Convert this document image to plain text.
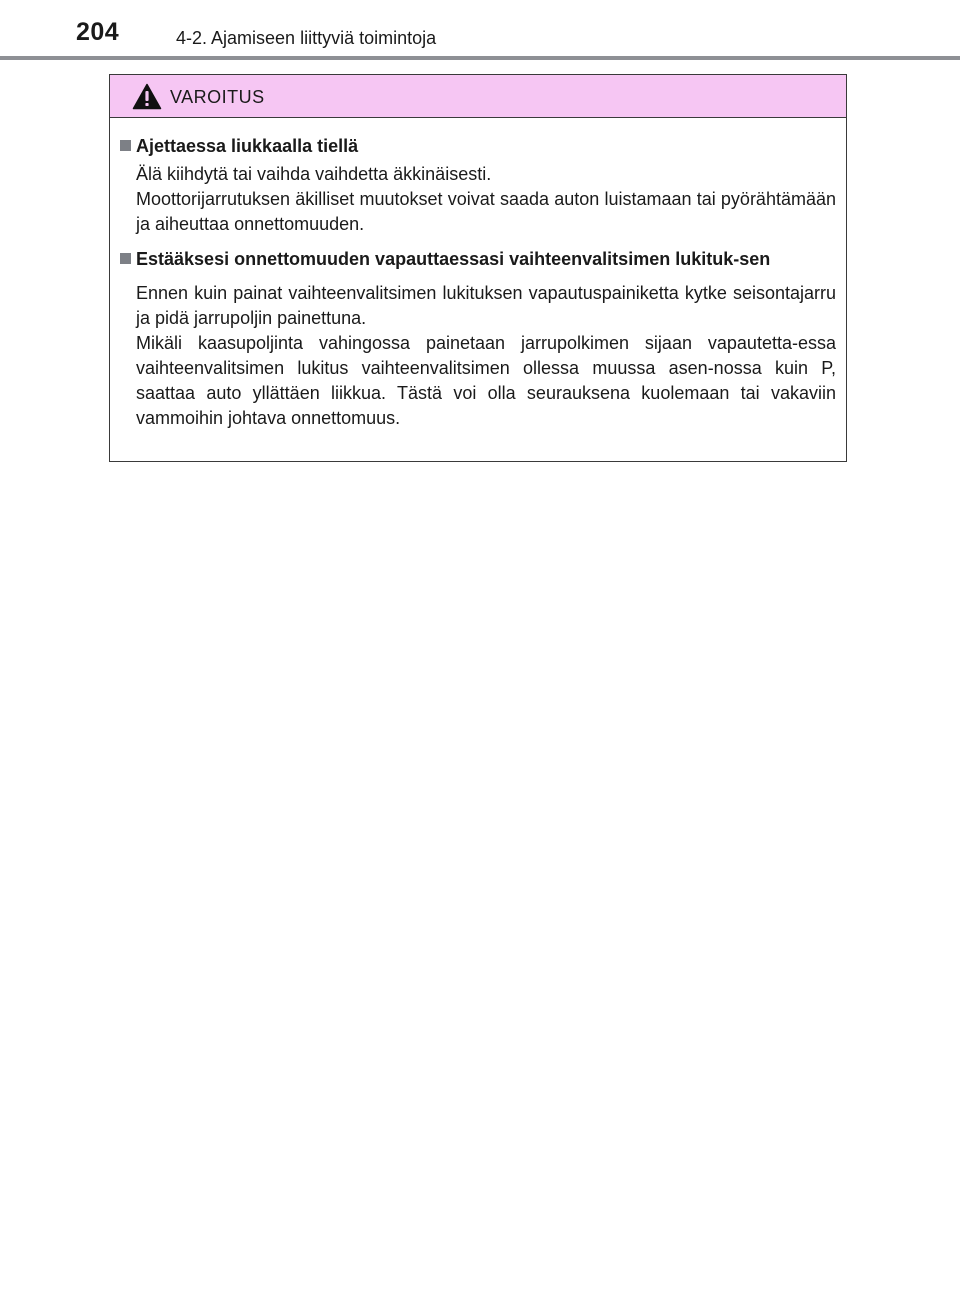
204	4-2. Ajamiseen liittyviä toimintoja
VAROITUS
Ajettaessa liukkaalla tiellä

Älä kiihdytä tai vaihda vaihdetta äkkinäisesti.

Moottorijarrutuksen äkilliset muutokset voivat saada auton luistamaan tai pyörähtämään ja aiheuttaa onnettomuuden.

Estääksesi onnettomuuden vapauttaessasi vaihteenvalitsimen lukituk-sen

Ennen kuin painat vaihteenvalitsimen lukituksen vapautuspainiketta kytke seisontajarru ja pidä jarrupoljin painettuna.

Mikäli kaasupoljinta vahingossa painetaan jarrupolkimen sijaan vapautetta-essa vaihteenvalitsimen lukitus vaihteenvalitsimen ollessa muussa asen-nossa kuin P, saattaa auto yllättäen liikkua. Tästä voi olla seurauksena kuolemaan tai vakaviin vammoihin johtava onnettomuus.
